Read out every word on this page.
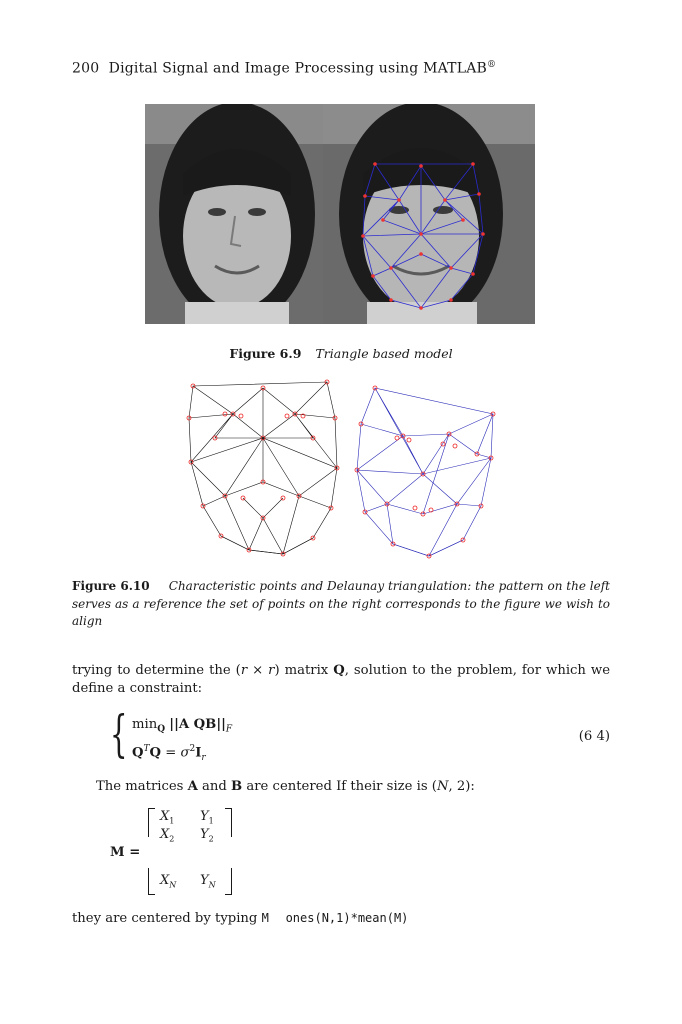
200 Digital Signal and Image Processing using MATLAB®
Figure 6.9 Triangle based model
Figure 6.10 Characteristic points and Delaunay triangulation: the pattern on the left serves as a reference the set of points on the right corresponds to the figure we wish to align
trying to determine the (r × r) matrix Q, solution to the problem, for which we define a constraint:
{ $\min_Q ||A$ $QB||_F$
$Q^TQ = \sigma^2I_r$
(6 4)
The matrices A and B are centered If their size is (N, 2):
M =
$X_1$ $Y_1$
$X_2$ $Y_2$
$X_N$ $Y_N$
they are centered by typing M ones(N,1)*mean(M)
